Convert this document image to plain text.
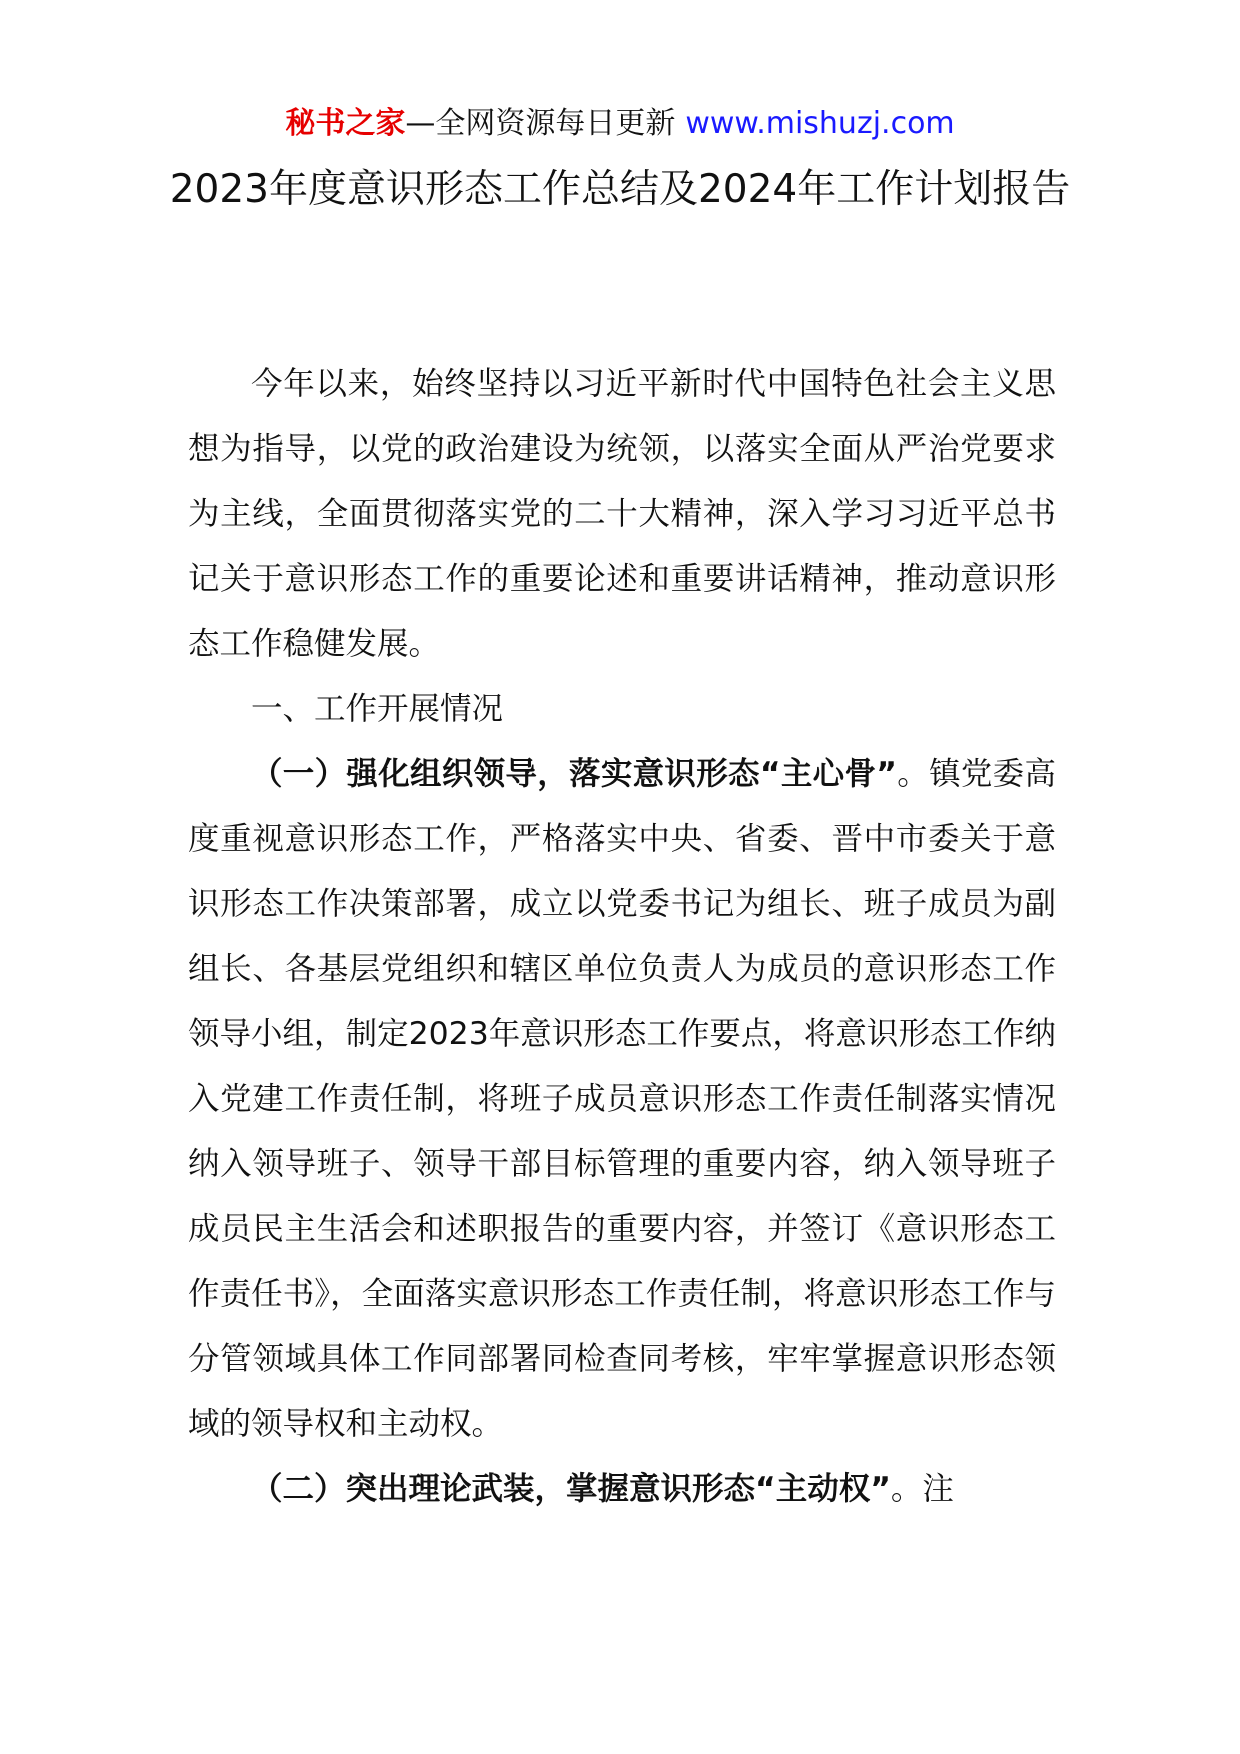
秘书之家—全网资源每日更新 www.mishuzj.com
2023年度意识形态工作总结及2024年工作计划报告

今年以来，始终坚持以习近平新时代中国特色社会主义思想为指导，以党的政治建设为统领，以落实全面从严治党要求为主线，全面贯彻落实党的二十大精神，深入学习习近平总书记关于意识形态工作的重要论述和重要讲话精神，推动意识形态工作稳健发展。

一、工作开展情况

（一）强化组织领导，落实意识形态“主心骨”。镇党委高度重视意识形态工作，严格落实中央、省委、晋中市委关于意识形态工作决策部署，成立以党委书记为组长、班子成员为副组长、各基层党组织和辖区单位负责人为成员的意识形态工作领导小组，制定2023年意识形态工作要点，将意识形态工作纳入党建工作责任制，将班子成员意识形态工作责任制落实情况纳入领导班子、领导干部目标管理的重要内容，纳入领导班子成员民主生活会和述职报告的重要内容，并签订《意识形态工作责任书》，全面落实意识形态工作责任制，将意识形态工作与分管领域具体工作同部署同检查同考核，牢牢掌握意识形态领域的领导权和主动权。

（二）突出理论武装，掌握意识形态“主动权”。注
